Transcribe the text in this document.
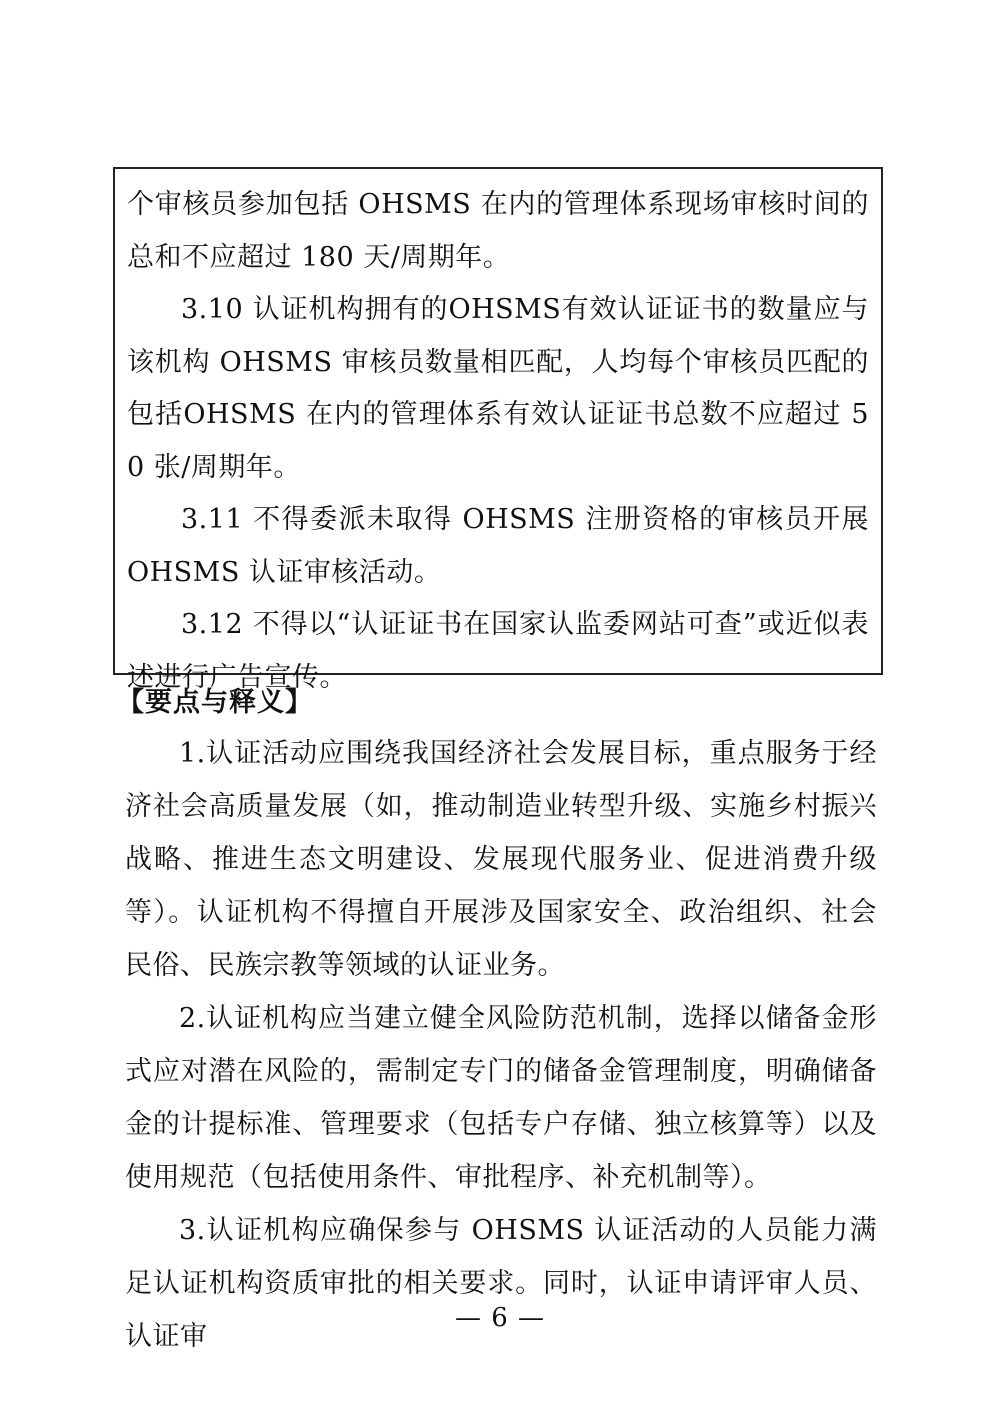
个审核员参加包括 OHSMS 在内的管理体系现场审核时间的总和不应超过 180 天/周期年。

3.10 认证机构拥有的OHSMS有效认证证书的数量应与该机构 OHSMS 审核员数量相匹配，人均每个审核员匹配的包括OHSMS 在内的管理体系有效认证证书总数不应超过 50 张/周期年。

3.11 不得委派未取得 OHSMS 注册资格的审核员开展OHSMS 认证审核活动。

3.12 不得以“认证证书在国家认监委网站可查”或近似表述进行广告宣传。

【要点与释义】

1.认证活动应围绕我国经济社会发展目标，重点服务于经济社会高质量发展（如，推动制造业转型升级、实施乡村振兴战略、推进生态文明建设、发展现代服务业、促进消费升级等）。认证机构不得擅自开展涉及国家安全、政治组织、社会民俗、民族宗教等领域的认证业务。

2.认证机构应当建立健全风险防范机制，选择以储备金形式应对潜在风险的，需制定专门的储备金管理制度，明确储备金的计提标准、管理要求（包括专户存储、独立核算等）以及使用规范（包括使用条件、审批程序、补充机制等）。

3.认证机构应确保参与 OHSMS 认证活动的人员能力满足认证机构资质审批的相关要求。同时，认证申请评审人员、认证审

— 6 —
